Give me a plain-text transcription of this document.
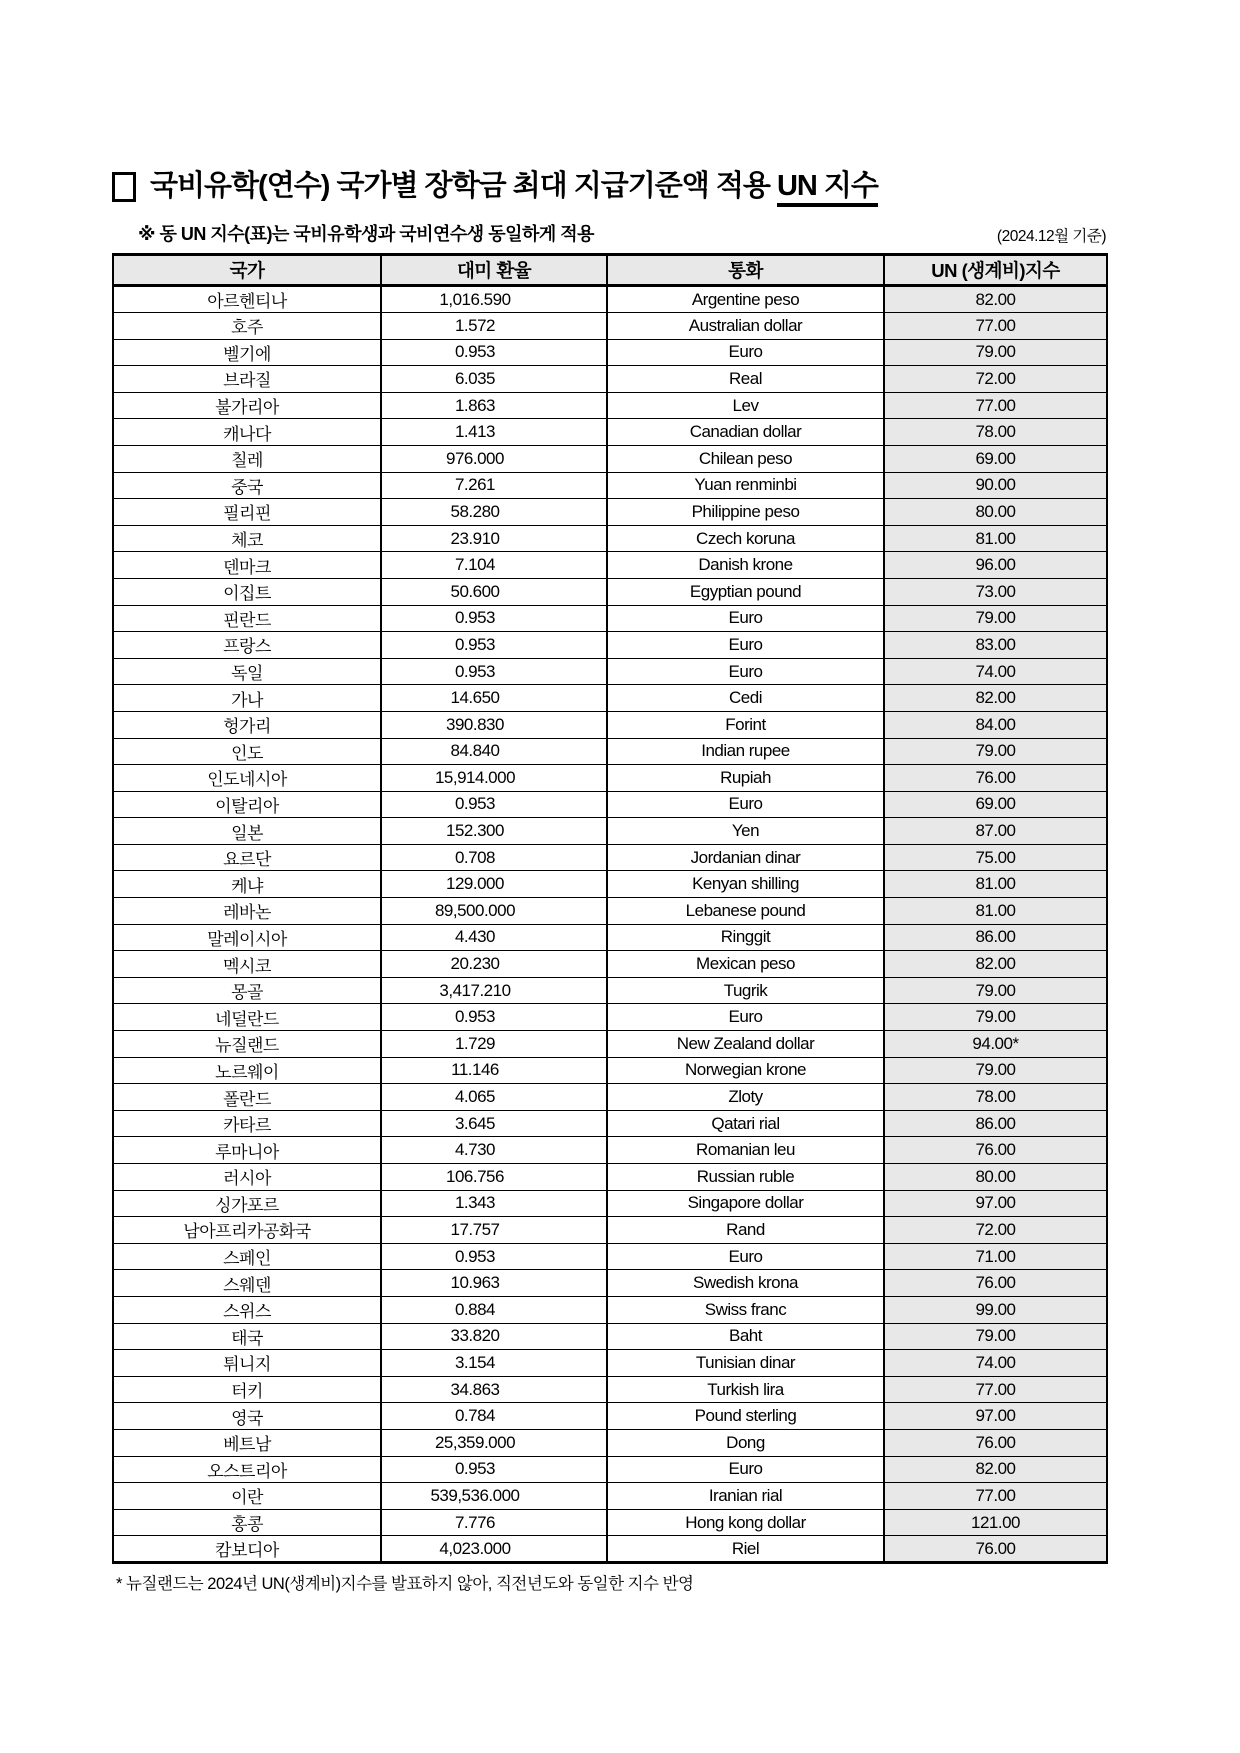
국비유학(연수) 국가별 장학금 최대 지급기준액 적용 UN 지수
※ 동 UN 지수(표)는 국비유학생과 국비연수생 동일하게 적용	(2024.12월 기준)
국가	대미 환율	통화	UN (생계비)지수
아르헨티나	1,016.590	Argentine peso	82.00
호주	1.572	Australian dollar	77.00
벨기에	0.953	Euro	79.00
브라질	6.035	Real	72.00
불가리아	1.863	Lev	77.00
캐나다	1.413	Canadian dollar	78.00
칠레	976.000	Chilean peso	69.00
중국	7.261	Yuan renminbi	90.00
필리핀	58.280	Philippine peso	80.00
체코	23.910	Czech koruna	81.00
덴마크	7.104	Danish krone	96.00
이집트	50.600	Egyptian pound	73.00
핀란드	0.953	Euro	79.00
프랑스	0.953	Euro	83.00
독일	0.953	Euro	74.00
가나	14.650	Cedi	82.00
헝가리	390.830	Forint	84.00
인도	84.840	Indian rupee	79.00
인도네시아	15,914.000	Rupiah	76.00
이탈리아	0.953	Euro	69.00
일본	152.300	Yen	87.00
요르단	0.708	Jordanian dinar	75.00
케냐	129.000	Kenyan shilling	81.00
레바논	89,500.000	Lebanese pound	81.00
말레이시아	4.430	Ringgit	86.00
멕시코	20.230	Mexican peso	82.00
몽골	3,417.210	Tugrik	79.00
네덜란드	0.953	Euro	79.00
뉴질랜드	1.729	New Zealand dollar	94.00*
노르웨이	11.146	Norwegian krone	79.00
폴란드	4.065	Zloty	78.00
카타르	3.645	Qatari rial	86.00
루마니아	4.730	Romanian leu	76.00
러시아	106.756	Russian ruble	80.00
싱가포르	1.343	Singapore dollar	97.00
남아프리카공화국	17.757	Rand	72.00
스페인	0.953	Euro	71.00
스웨덴	10.963	Swedish krona	76.00
스위스	0.884	Swiss franc	99.00
태국	33.820	Baht	79.00
튀니지	3.154	Tunisian dinar	74.00
터키	34.863	Turkish lira	77.00
영국	0.784	Pound sterling	97.00
베트남	25,359.000	Dong	76.00
오스트리아	0.953	Euro	82.00
이란	539,536.000	Iranian rial	77.00
홍콩	7.776	Hong kong dollar	121.00
캄보디아	4,023.000	Riel	76.00
* 뉴질랜드는 2024년 UN(생계비)지수를 발표하지 않아, 직전년도와 동일한 지수 반영
